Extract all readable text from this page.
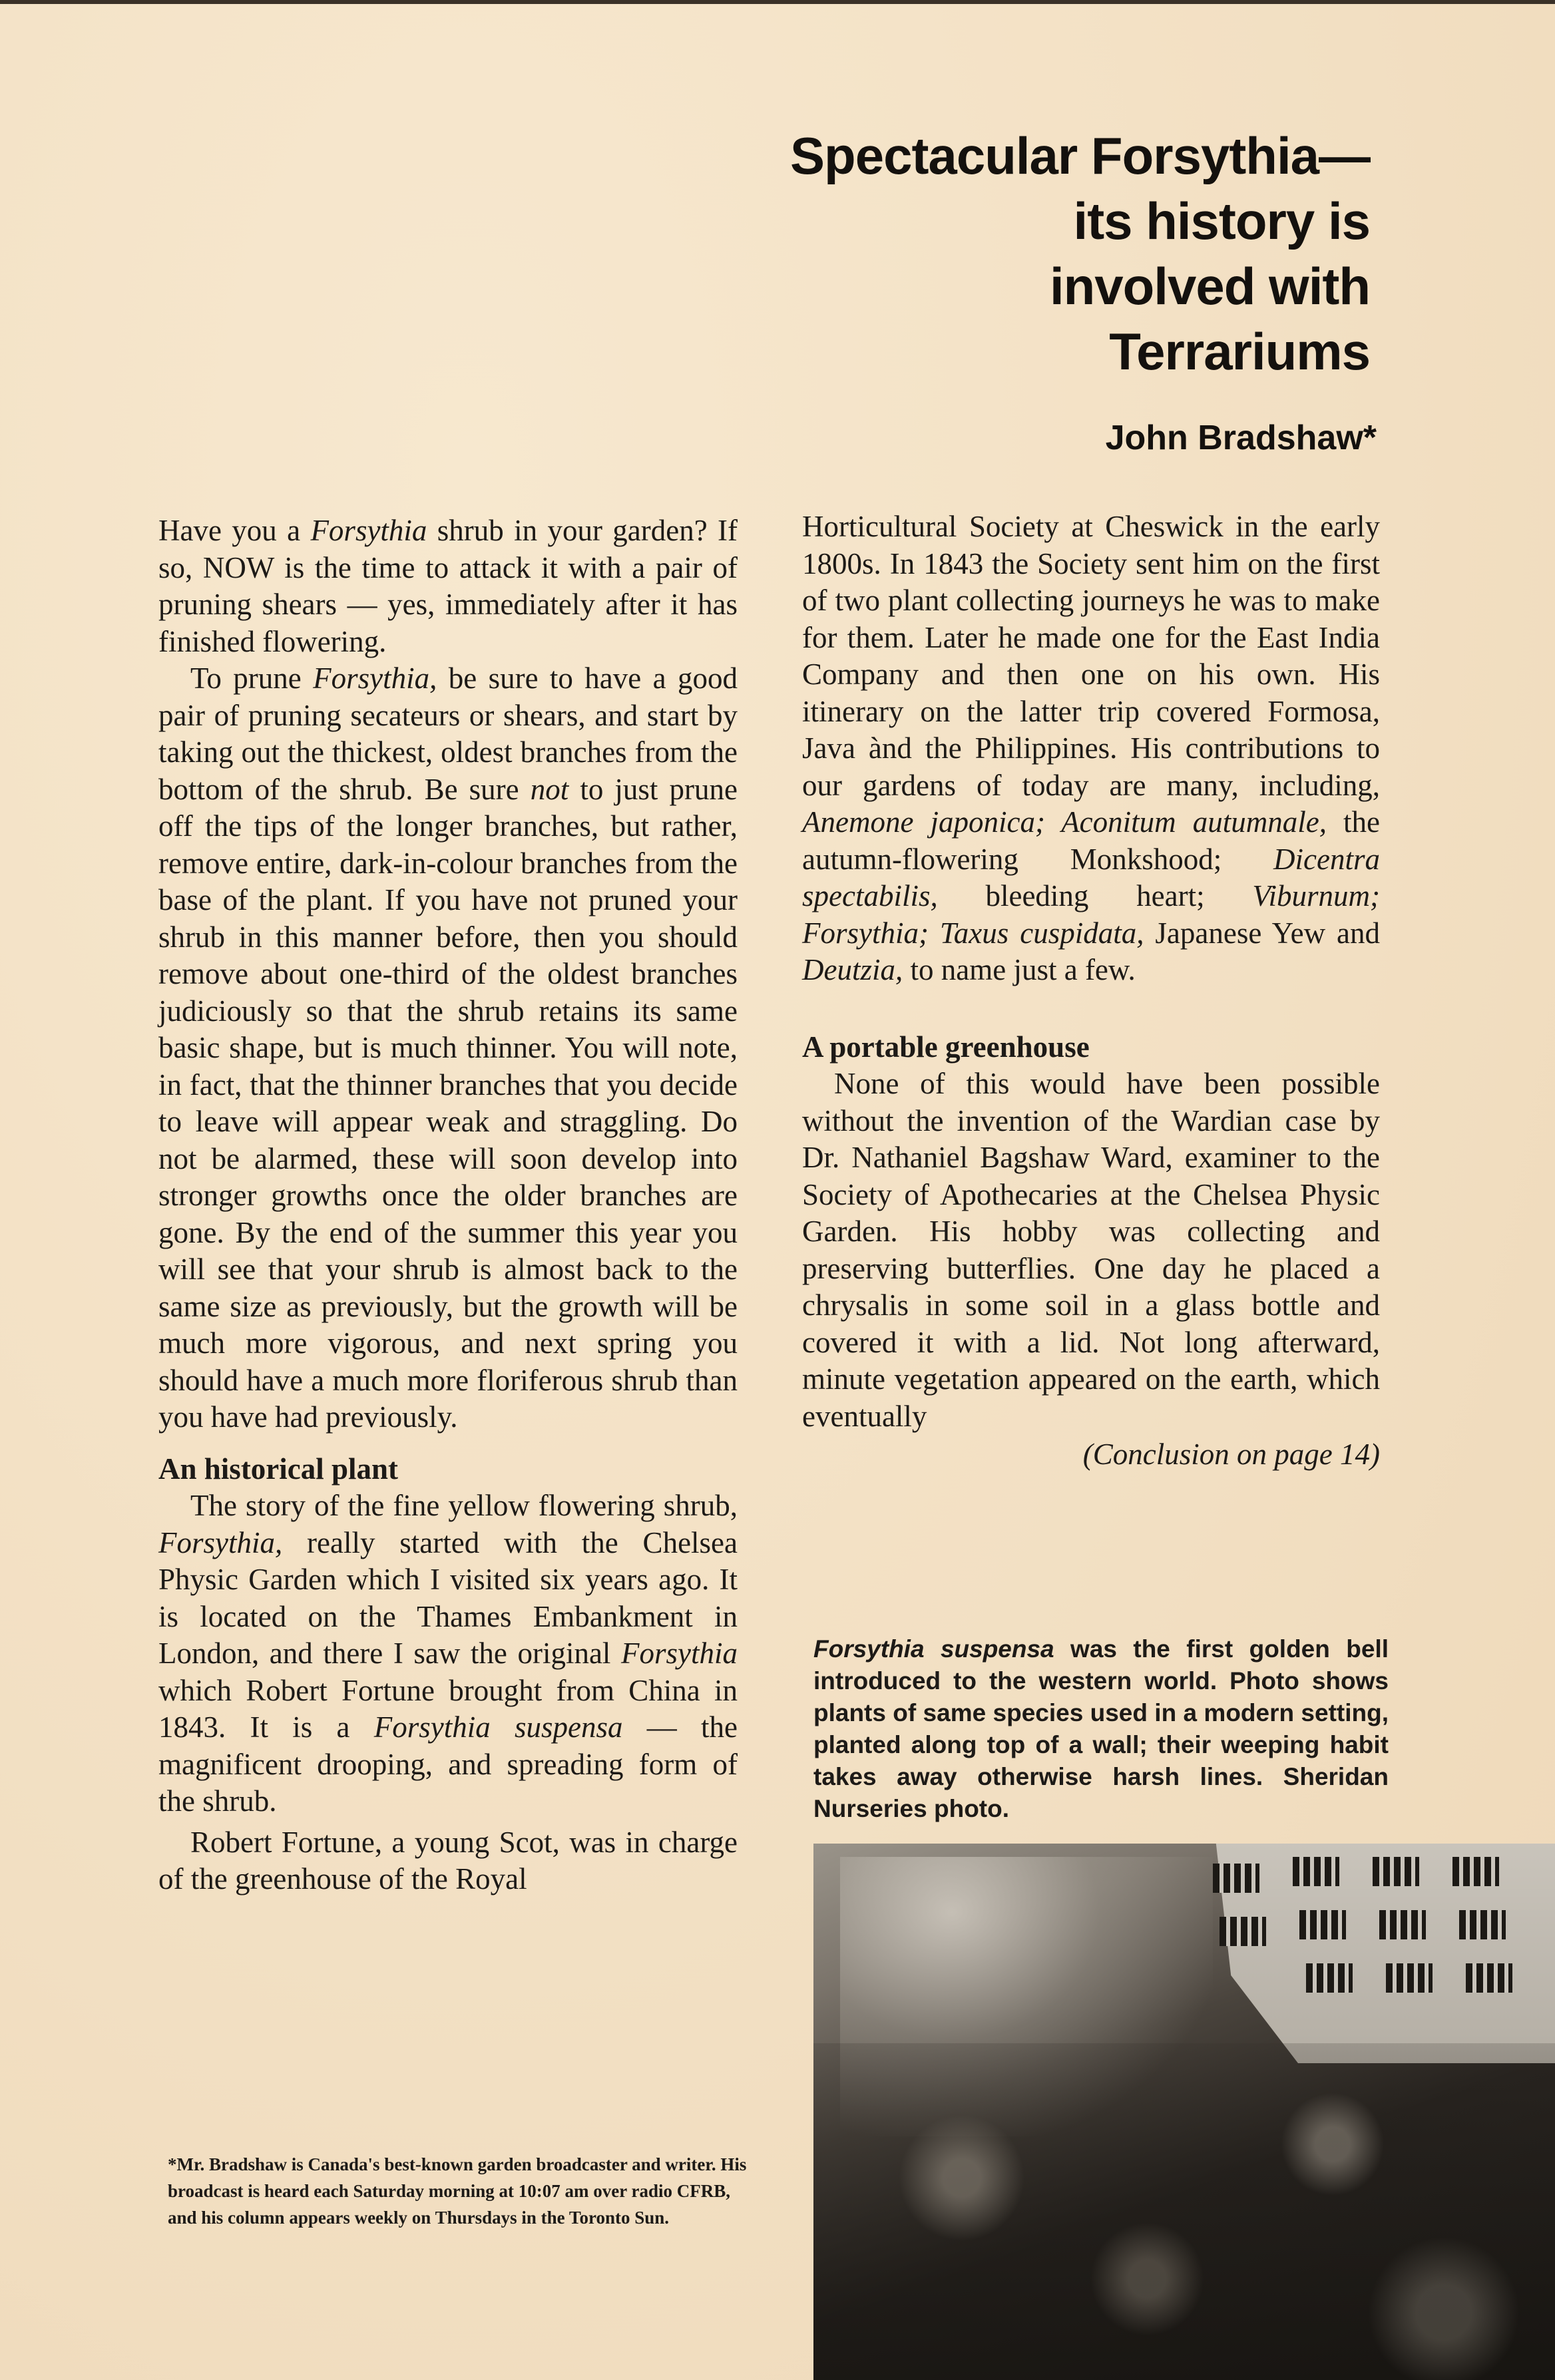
Spectacular Forsythia—
its history is
involved with
Terrariums
John Bradshaw*

Have you a Forsythia shrub in your garden? If so, NOW is the time to attack it with a pair of pruning shears — yes, immediately after it has finished flowering.

To prune Forsythia, be sure to have a good pair of pruning secateurs or shears, and start by taking out the thickest, oldest branches from the bottom of the shrub. Be sure not to just prune off the tips of the longer branches, but rather, remove entire, dark-in-colour branches from the base of the plant. If you have not pruned your shrub in this manner before, then you should remove about one-third of the oldest branches judiciously so that the shrub retains its same basic shape, but is much thinner. You will note, in fact, that the thinner branches that you decide to leave will appear weak and straggling. Do not be alarmed, these will soon develop into stronger growths once the older branches are gone. By the end of the summer this year you will see that your shrub is almost back to the same size as previously, but the growth will be much more vigorous, and next spring you should have a much more floriferous shrub than you have had previously.

An historical plant

The story of the fine yellow flowering shrub, Forsythia, really started with the Chelsea Physic Garden which I visited six years ago. It is located on the Thames Embankment in London, and there I saw the original Forsythia which Robert Fortune brought from China in 1843. It is a Forsythia suspensa — the magnificent drooping, and spreading form of the shrub.

Robert Fortune, a young Scot, was in charge of the greenhouse of the Royal

*Mr. Bradshaw is Canada's best-known garden broadcaster and writer. His broadcast is heard each Saturday morning at 10:07 am over radio CFRB, and his column appears weekly on Thursdays in the Toronto Sun.

Horticultural Society at Cheswick in the early 1800s. In 1843 the Society sent him on the first of two plant collecting journeys he was to make for them. Later he made one for the East India Company and then one on his own. His itinerary on the latter trip covered Formosa, Java ànd the Philippines. His contributions to our gardens of today are many, including, Anemone japonica; Aconitum autumnale, the autumn-flowering Monkshood; Dicentra spectabilis, bleeding heart; Viburnum; Forsythia; Taxus cuspidata, Japanese Yew and Deutzia, to name just a few.

A portable greenhouse

None of this would have been possible without the invention of the Wardian case by Dr. Nathaniel Bagshaw Ward, examiner to the Society of Apothecaries at the Chelsea Physic Garden. His hobby was collecting and preserving butterflies. One day he placed a chrysalis in some soil in a glass bottle and covered it with a lid. Not long afterward, minute vegetation appeared on the earth, which eventually

(Conclusion on page 14)

Forsythia suspensa was the first golden bell introduced to the western world. Photo shows plants of same species used in a modern setting, planted along top of a wall; their weeping habit takes away otherwise harsh lines. Sheridan Nurseries photo.
